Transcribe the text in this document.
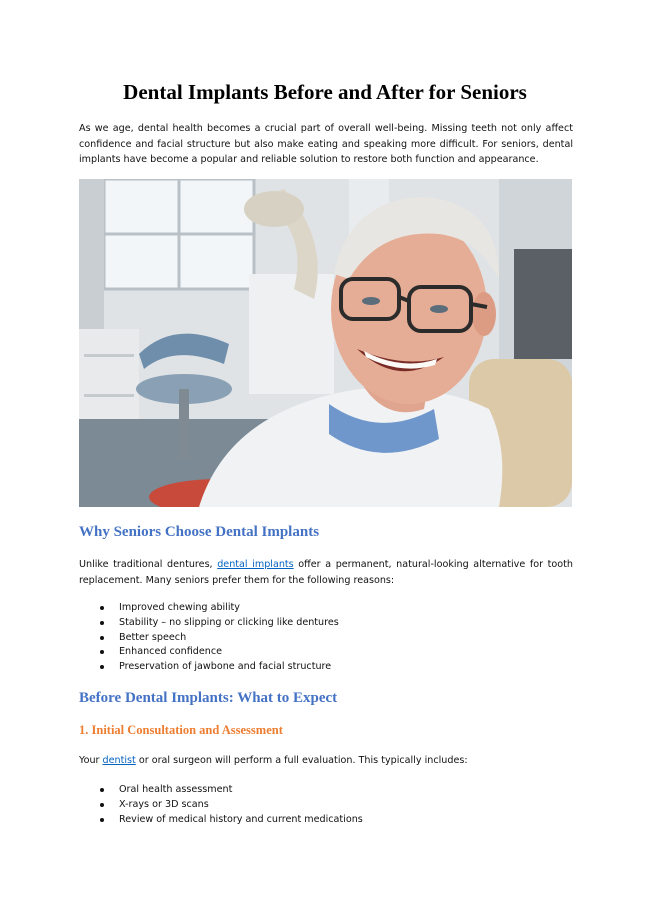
Dental Implants Before and After for Seniors

As we age, dental health becomes a crucial part of overall well-being. Missing teeth not only affect confidence and facial structure but also make eating and speaking more difficult. For seniors, dental implants have become a popular and reliable solution to restore both function and appearance.

Why Seniors Choose Dental Implants

Unlike traditional dentures, dental implants offer a permanent, natural-looking alternative for tooth replacement. Many seniors prefer them for the following reasons:

Improved chewing ability
Stability – no slipping or clicking like dentures
Better speech
Enhanced confidence
Preservation of jawbone and facial structure
Before Dental Implants: What to Expect
1. Initial Consultation and Assessment

Your dentist or oral surgeon will perform a full evaluation. This typically includes:

Oral health assessment
X-rays or 3D scans
Review of medical history and current medications
